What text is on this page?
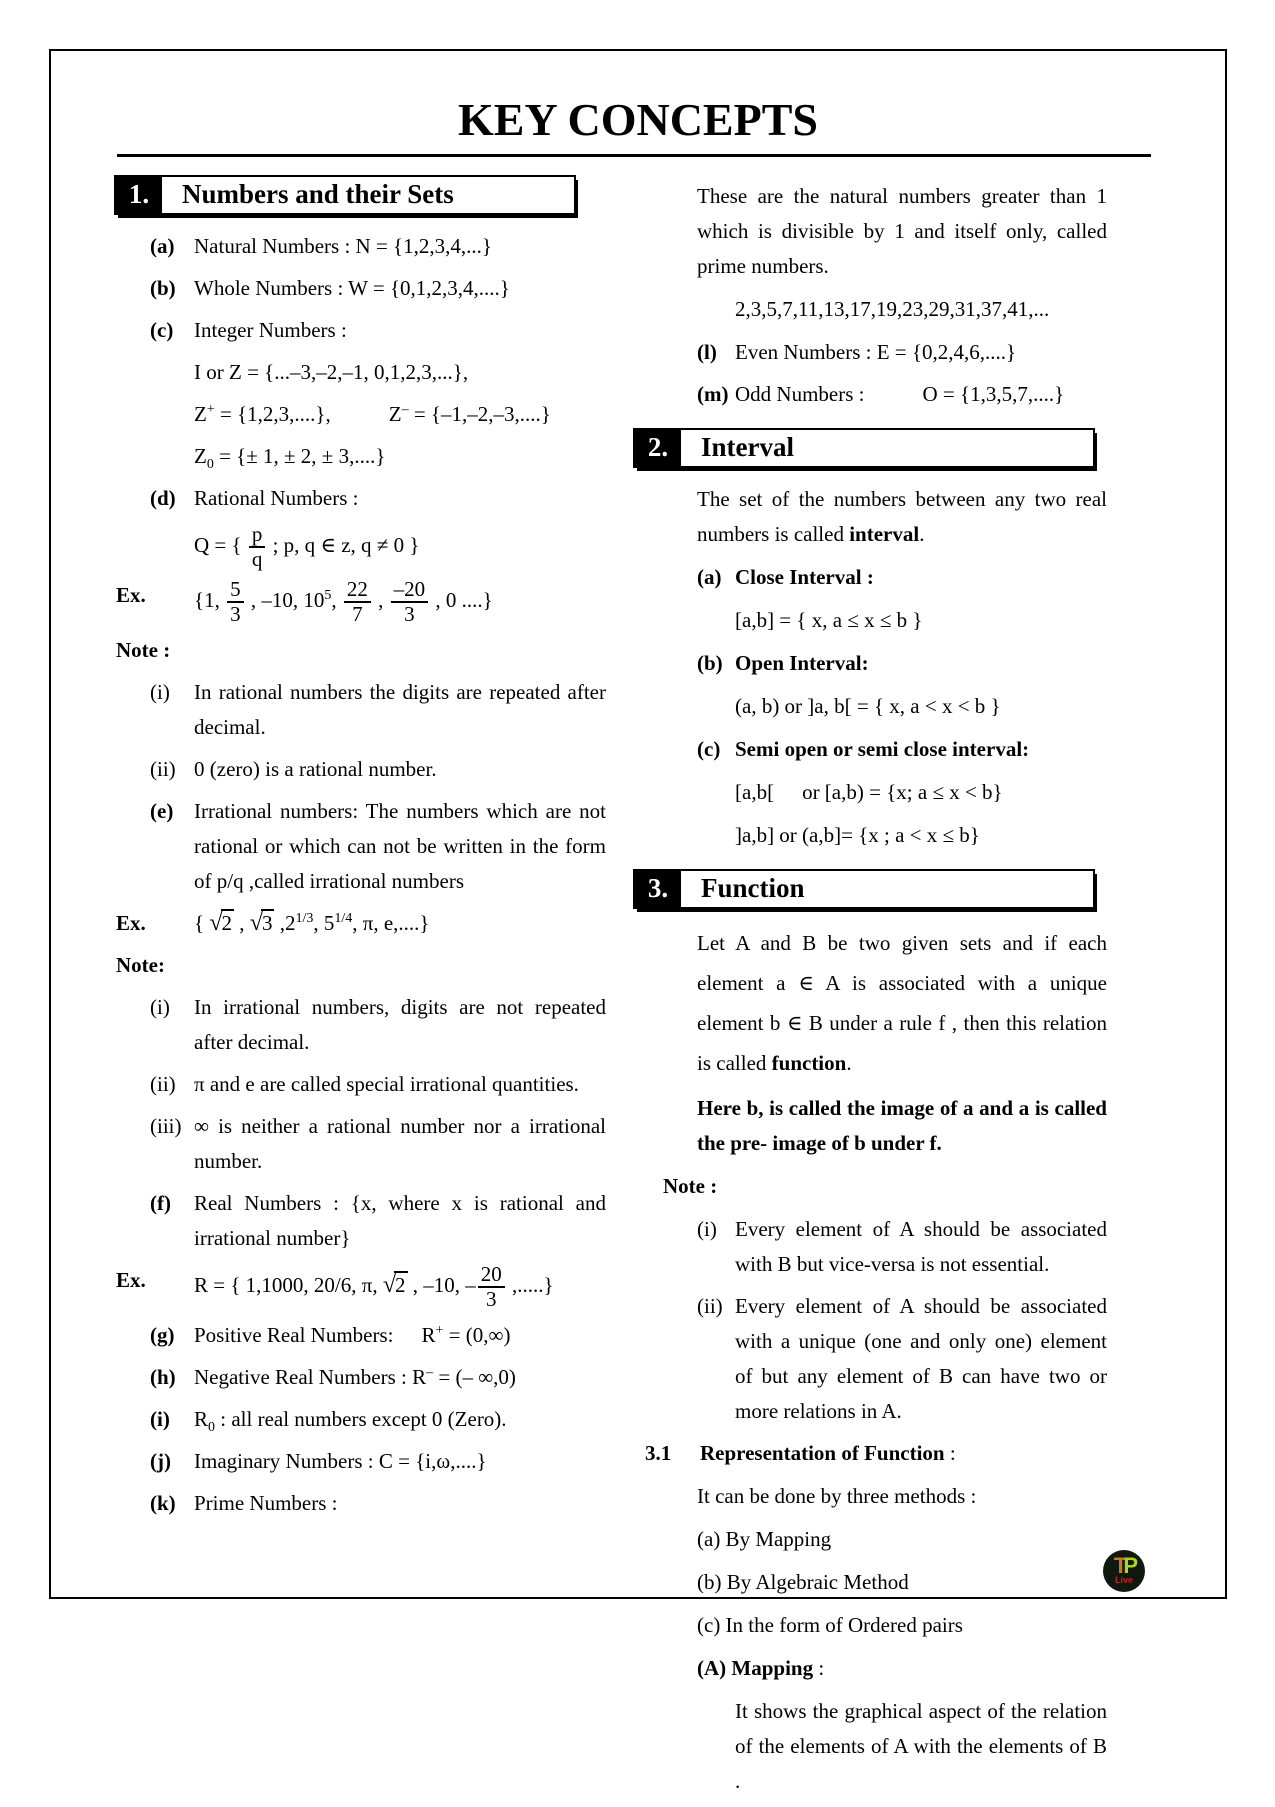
KEY CONCEPTS
1.	Numbers and their Sets
(a) Natural Numbers : N = {1,2,3,4,...}
(b) Whole Numbers : W = {0,1,2,3,4,....}
(c) Integer Numbers :
I or Z = {...–3,–2,–1, 0,1,2,3,...},
Z+ = {1,2,3,....},	Z– = {–1,–2,–3,....}
$Z_0$ = {± 1, ± 2, ± 3,....}
(d) Rational Numbers :
Q = { $\frac{p}{q}$ ; p, q ∈ z, q ≠ 0 }
Ex.	{1, $\frac{5}{3}$ , –10, $10^5$, $\frac{22}{7}$ , $\frac{-20}{3}$ , 0 ....}
Note :
(i)	In rational numbers the digits are repeated after decimal.
(ii) 0 (zero) is a rational number.
(e) Irrational numbers: The numbers which are not rational or which can not be written in the form of p/q ,called irrational numbers
Ex.	{ √2 , √3 $,2^{1/3}$, $5^{1/4}$, π, e,....}
Note:
(i)	In irrational numbers, digits are not repeated after decimal.
(ii) π and e are called special irrational quantities.
(iii) ∞ is neither a rational number nor a irrational number.
(f)	Real Numbers : {x, where x is rational and irrational number}
Ex.	R = { 1,1000, 20/6, π, √2 , –10, – $\frac{20}{3}$ ,.....}
(g) Positive Real Numbers: R+ = (0,∞)
(h) Negative Real Numbers : R– = (– ∞,0)
(i)	$R_0$ : all real numbers except 0 (Zero).
(j)	Imaginary Numbers : C = {i,ω,....}
(k) Prime Numbers :
These are the natural numbers greater than 1 which is divisible by 1 and itself only, called prime numbers.
2,3,5,7,11,13,17,19,23,29,31,37,41,...
(l) Even Numbers : E = {0,2,4,6,....}
(m) Odd Numbers :	O = {1,3,5,7,....}
2.	Interval
The set of the numbers between any two real numbers is called interval.
(a) Close Interval :
[a,b] = { x, a ≤ x ≤ b }
(b) Open Interval:
(a, b) or ]a, b[ = { x, a < x < b }
(c) Semi open or semi close interval:
[a,b[ or [a,b) = {x; a ≤ x < b}
]a,b] or (a,b]= {x ; a < x ≤ b}
3.	Function
Let A and B be two given sets and if each element a ∈ A is associated with a unique element b ∈ B under a rule f , then this relation is called function.
Here b, is called the image of a and a is called the pre- image of b under f.
Note :
(i) Every element of A should be associated with B but vice-versa is not essential.
(ii) Every element of A should be associated with a unique (one and only one) element of but any element of B can have two or more relations in A.
3.1	Representation of Function :
It can be done by three methods :
(a) By Mapping
(b) By Algebraic Method
(c) In the form of Ordered pairs
(A) Mapping :
It shows the graphical aspect of the relation of the elements of A with the elements of B .
TP
Live
